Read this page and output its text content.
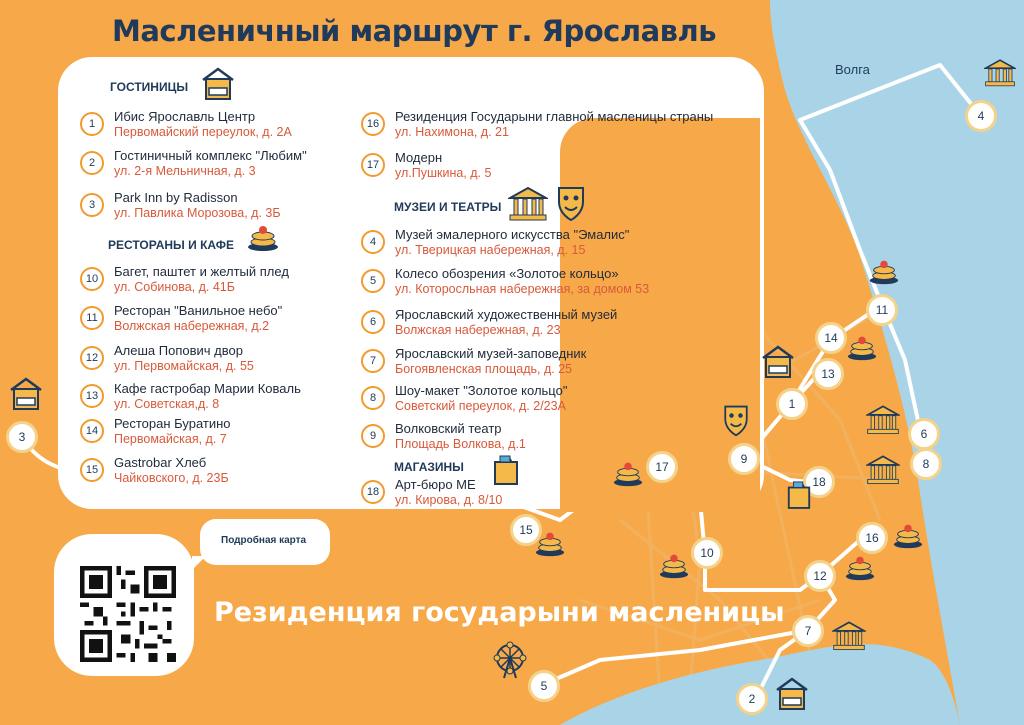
Волга
Масленичный маршрут г. Ярославль
ГОСТИНИЦЫ
РЕСТОРАНЫ И КАФЕ
МУЗЕИ И ТЕАТРЫ
МАГАЗИНЫ
1	Ибис Ярославль Центр
Первомайский переулок, д. 2А
2	Гостиничный комплекс "Любим"
ул. 2-я Мельничная, д. 3
3	Park Inn by Radisson
ул. Павлика Морозова, д. 3Б
10	Багет, паштет и желтый плед
ул. Собинова, д. 41Б
11	Ресторан "Ванильное небо"
Волжская набережная, д.2
12	Алеша Попович двор
ул. Первомайская, д. 55
13	Кафе гастробар Марии Коваль
ул. Советская,д. 8
14	Ресторан Буратино
Первомайская, д. 7
15	Gastrobar Хлеб
Чайковского, д. 23Б
16	Резиденция Государыни главной масленицы страны
ул. Нахимона, д. 21
17	Модерн
ул.Пушкина, д. 5
4	Музей эмалерного искусства "Эмалис"
ул. Тверицкая набережная, д. 15
5	Колесо обозрения «Золотое кольцо»
ул. Которосльная набережная, за домом 53
6	Ярославский художественный музей
Волжская набережная, д. 23
7	Ярославский музей-заповедник
Богоявленская площадь, д. 25
8	Шоу-макет "Золотое кольцо"
Советский переулок, д. 2/23А
9	Волковский театр
Площадь Волкова, д.1
18	Арт-бюро МЕ
ул. Кирова, д. 8/10
Подробная карта
Резиденция государыни масленицы
1
2
3
4
5
6
7
8
9
10
11
12
13
14
15
16
17
18
